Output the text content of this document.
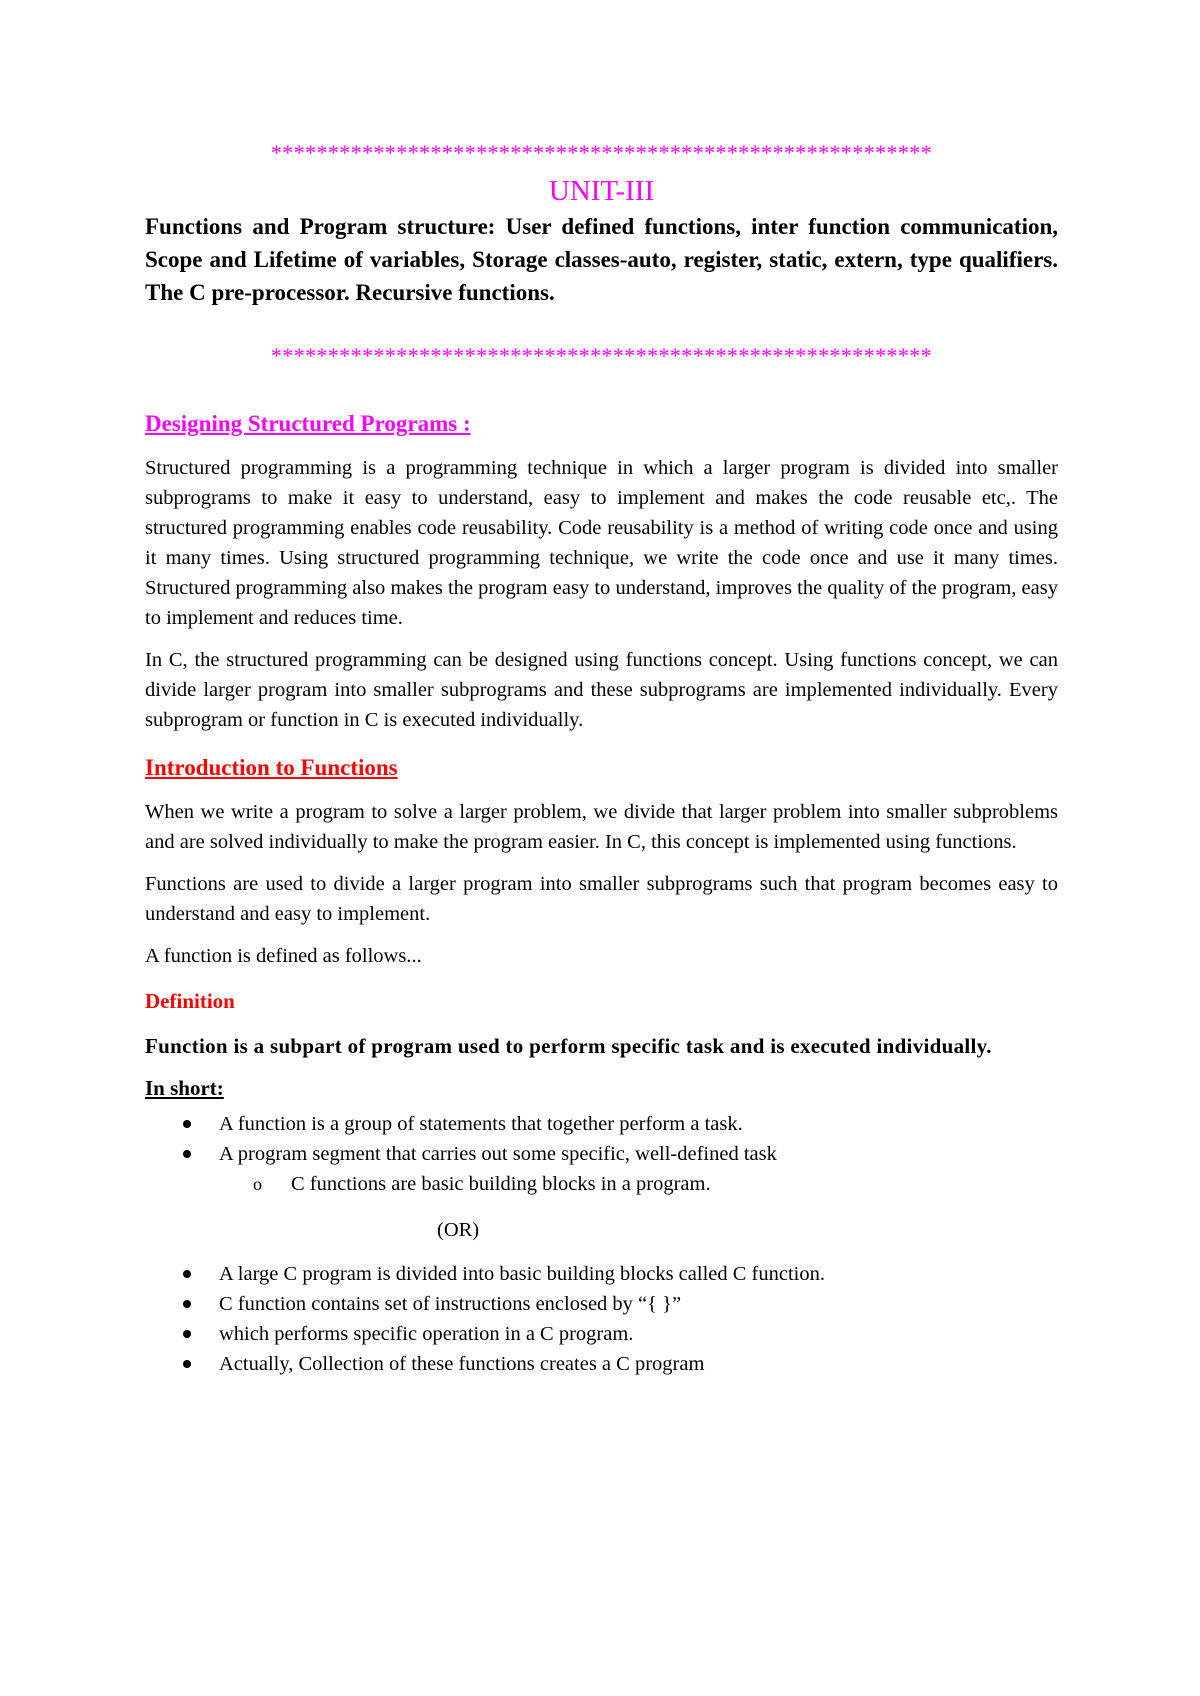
**********************************************************
UNIT-III
Functions and Program structure: User defined functions, inter function communication, Scope and Lifetime of variables, Storage classes-auto, register, static, extern, type qualifiers. The C pre-processor. Recursive functions.
**********************************************************
Designing Structured Programs :

Structured programming is a programming technique in which a larger program is divided into smaller subprograms to make it easy to understand, easy to implement and makes the code reusable etc,. The structured programming enables code reusability. Code reusability is a method of writing code once and using it many times. Using structured programming technique, we write the code once and use it many times. Structured programming also makes the program easy to understand, improves the quality of the program, easy to implement and reduces time.

In C, the structured programming can be designed using functions concept. Using functions concept, we can divide larger program into smaller subprograms and these subprograms are implemented individually. Every subprogram or function in C is executed individually.

Introduction to Functions

When we write a program to solve a larger problem, we divide that larger problem into smaller subproblems and are solved individually to make the program easier. In C, this concept is implemented using functions.

Functions are used to divide a larger program into smaller subprograms such that program becomes easy to understand and easy to implement.

A function is defined as follows...

Definition
Function is a subpart of program used to perform specific task and is executed individually.
In short:
A function is a group of statements that together perform a task.
A program segment that carries out some specific, well-defined task
o C functions are basic building blocks in a program.
(OR)
A large C program is divided into basic building blocks called C function.
C function contains set of instructions enclosed by “{ }”
which performs specific operation in a C program.
Actually, Collection of these functions creates a C program
